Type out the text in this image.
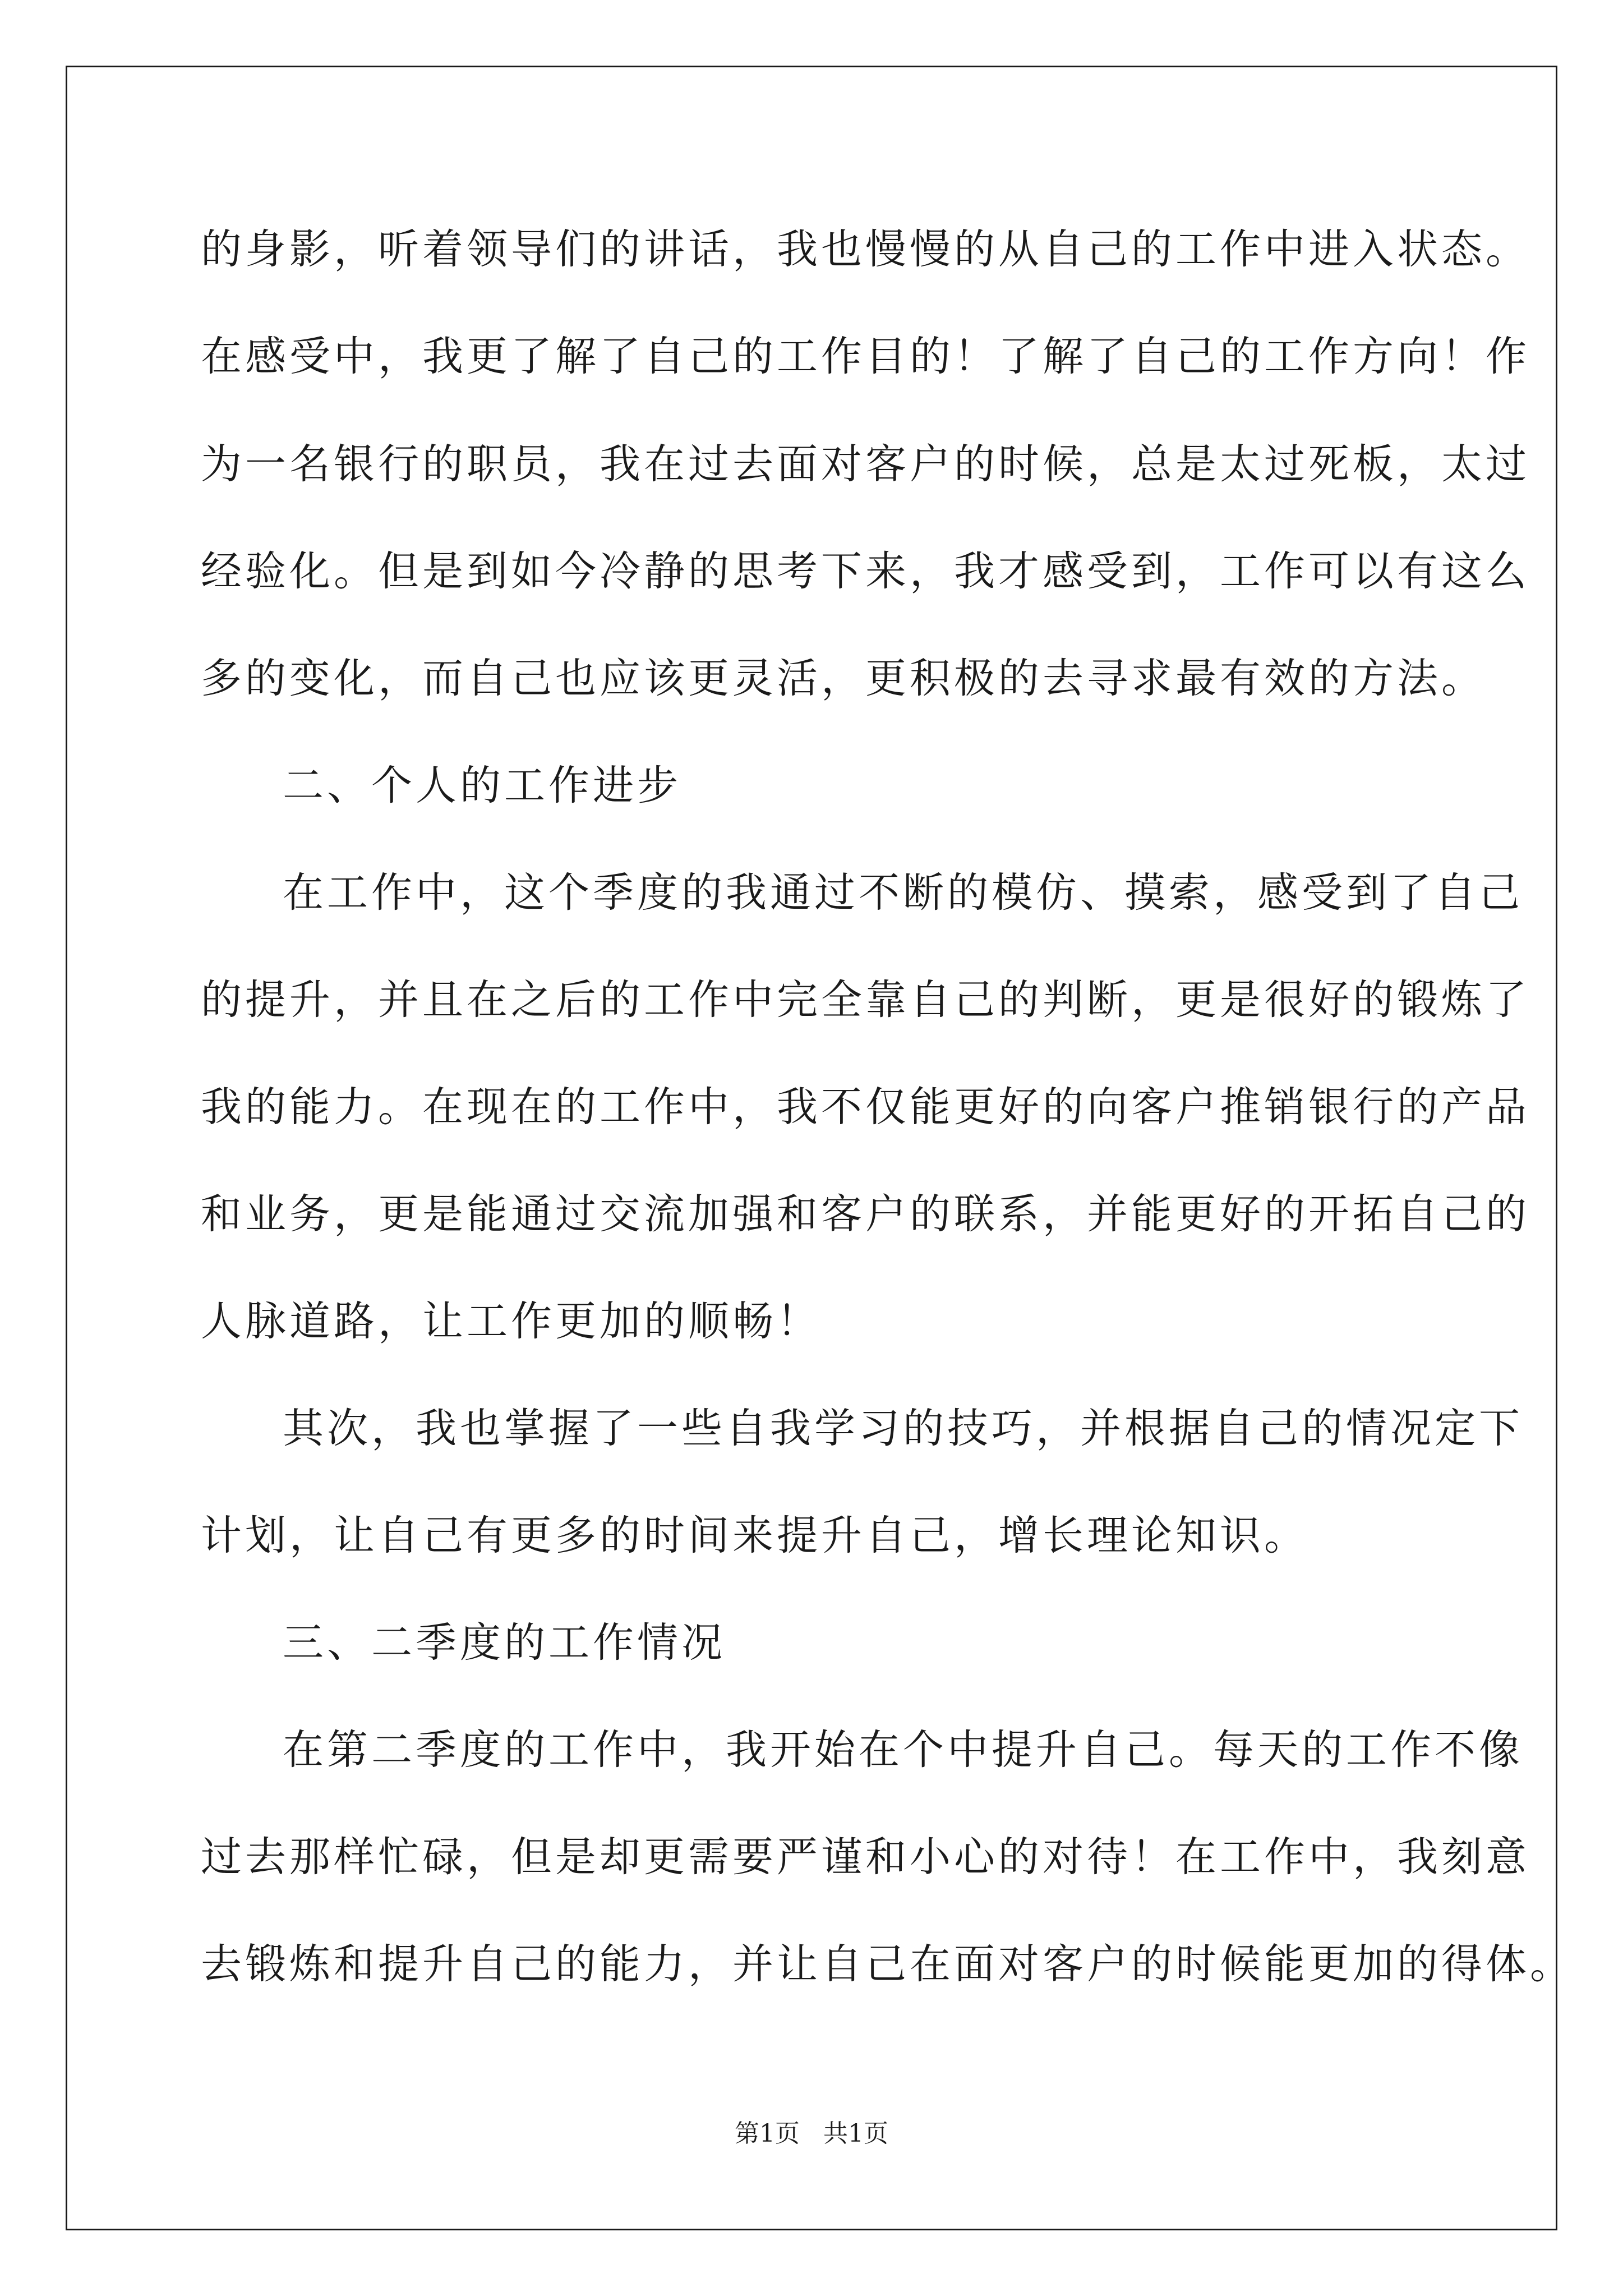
的身影，听着领导们的讲话，我也慢慢的从自己的工作中进入状态。
在感受中，我更了解了自己的工作目的！了解了自己的工作方向！作
为一名银行的职员，我在过去面对客户的时候，总是太过死板，太过
经验化。但是到如今冷静的思考下来，我才感受到，工作可以有这么
多的变化，而自己也应该更灵活，更积极的去寻求最有效的方法。
二、个人的工作进步
在工作中，这个季度的我通过不断的模仿、摸索，感受到了自己
的提升，并且在之后的工作中完全靠自己的判断，更是很好的锻炼了
我的能力。在现在的工作中，我不仅能更好的向客户推销银行的产品
和业务，更是能通过交流加强和客户的联系，并能更好的开拓自己的
人脉道路，让工作更加的顺畅！
其次，我也掌握了一些自我学习的技巧，并根据自己的情况定下
计划，让自己有更多的时间来提升自己，增长理论知识。
三、二季度的工作情况
在第二季度的工作中，我开始在个中提升自己。每天的工作不像
过去那样忙碌，但是却更需要严谨和小心的对待！在工作中，我刻意
去锻炼和提升自己的能力，并让自己在面对客户的时候能更加的得体。
第1页   共1页
